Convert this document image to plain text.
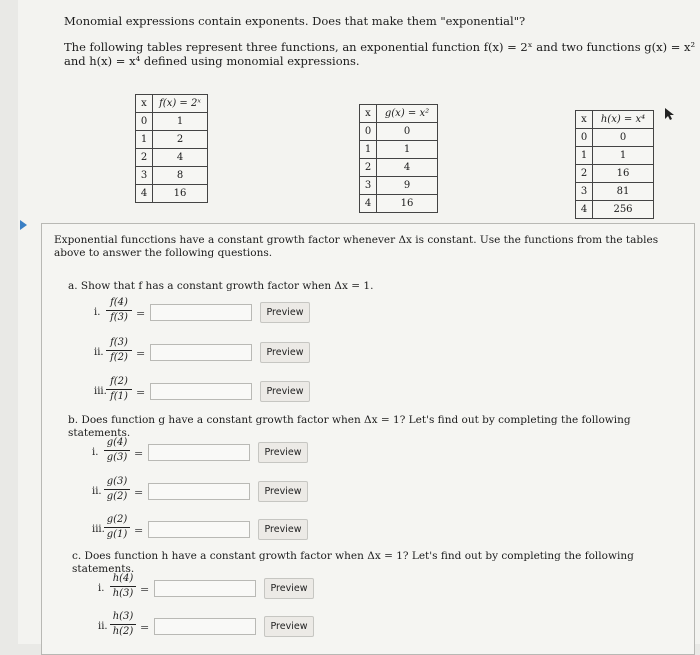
Monomial expressions contain exponents. Does that make them "exponential"?
The following tables represent three functions, an exponential function f(x) = 2ˣ and two functions g(x) = x² and h(x) = x⁴ defined using monomial expressions.
x	f(x) = 2ˣ
0	1
1	2
2	4
3	8
4	16
x	g(x) = x²
0	0
1	1
2	4
3	9
4	16
x	h(x) = x⁴
0	0
1	1
2	16
3	81
4	256
Exponential funcctions have a constant growth factor whenever Δx is constant. Use the functions from the tables above to answer the following questions.
a. Show that f has a constant growth factor when Δx = 1.
i. $\frac{f(4)}{f(3)}$ =	Preview
ii. $\frac{f(3)}{f(2)}$ =	Preview
iii. $\frac{f(2)}{f(1)}$ =	Preview
b. Does function g have a constant growth factor when Δx = 1? Let's find out by completing the following statements.
i. $\frac{g(4)}{g(3)}$ =	Preview
ii. $\frac{g(3)}{g(2)}$ =	Preview
iii. $\frac{g(2)}{g(1)}$ =	Preview
c. Does function h have a constant growth factor when Δx = 1? Let's find out by completing the following statements.
i. $\frac{h(4)}{h(3)}$ =	Preview
ii. $\frac{h(3)}{h(2)}$ =	Preview
